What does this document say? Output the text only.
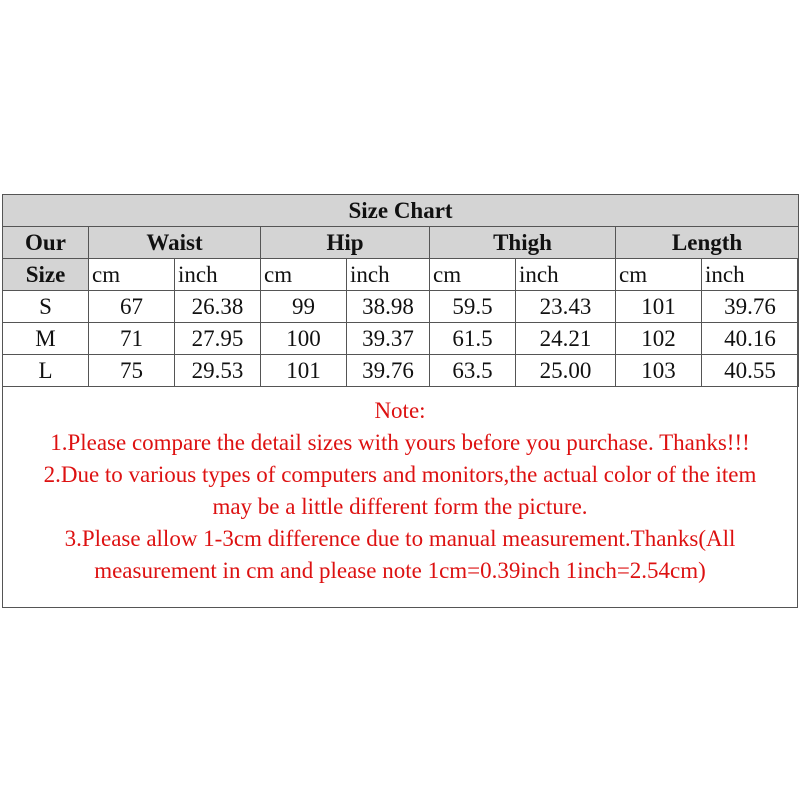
Size Chart								
Our	Waist		Hip		Thigh		Length	
Size	cm	inch	cm	inch	cm	inch	cm	inch
S	67	26.38	99	38.98	59.5	23.43	101	39.76
M	71	27.95	100	39.37	61.5	24.21	102	40.16
L	75	29.53	101	39.76	63.5	25.00	103	40.55
Note:
1.Please compare the detail sizes with yours before you purchase. Thanks!!!
2.Due to various types of computers and monitors,the actual color of the item
may be a little different form the picture.
3.Please allow 1-3cm difference due to manual measurement.Thanks(All
measurement in cm and please note 1cm=0.39inch 1inch=2.54cm)
